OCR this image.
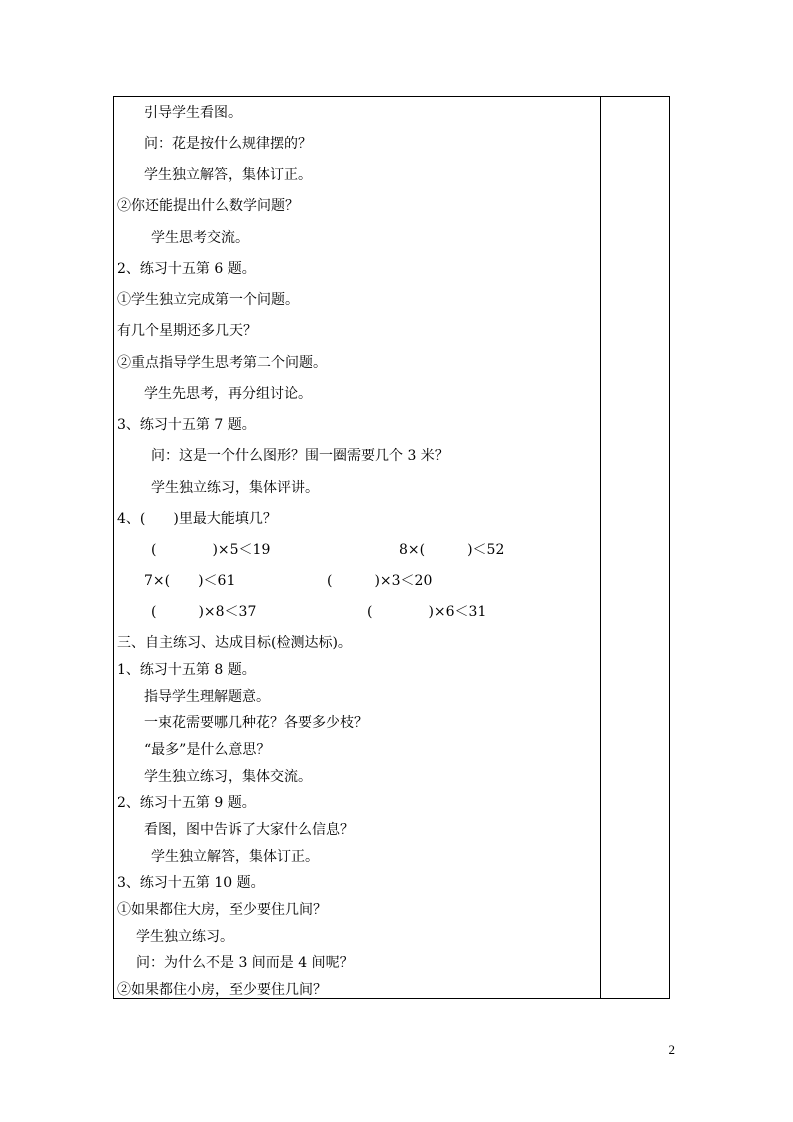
引导学生看图。
问：花是按什么规律摆的？
学生独立解答，集体订正。
②你还能提出什么数学问题？
学生思考交流。
2、练习十五第 6 题。
①学生独立完成第一个问题。
有几个星期还多几天？
②重点指导学生思考第二个问题。
学生先思考，再分组讨论。
3、练习十五第 7 题。
问：这是一个什么图形？围一圈需要几个 3 米？
学生独立练习，集体评讲。
4、(　　)里最大能填几？
(　　　　)×5＜19	8×(　　　)＜52
7×(　　)＜61	(　　　)×3＜20
(　　　)×8＜37	(　　　　)×6＜31
三、自主练习、达成目标(检测达标)。
1、练习十五第 8 题。
指导学生理解题意。
一束花需要哪几种花？各要多少枝？
“最多”是什么意思？
学生独立练习，集体交流。
2、练习十五第 9 题。
看图，图中告诉了大家什么信息？
学生独立解答，集体订正。
3、练习十五第 10 题。
①如果都住大房，至少要住几间？
学生独立练习。
问：为什么不是 3 间而是 4 间呢？
②如果都住小房，至少要住几间？
2
